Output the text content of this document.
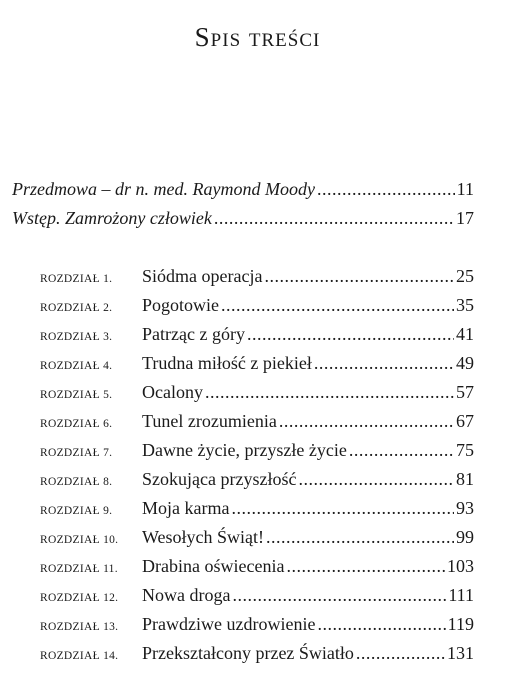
Spis treści
Przedmowa – dr n. med. Raymond Moody .....	11
Wstęp. Zamrożony człowiek .....	17
ROZDZIAŁ 1.	Siódma operacja .....	25
ROZDZIAŁ 2.	Pogotowie .....	35
ROZDZIAŁ 3.	Patrząc z góry .....	41
ROZDZIAŁ 4.	Trudna miłość z piekieł .....	49
ROZDZIAŁ 5.	Ocalony .....	57
ROZDZIAŁ 6.	Tunel zrozumienia .....	67
ROZDZIAŁ 7.	Dawne życie, przyszłe życie .....	75
ROZDZIAŁ 8.	Szokująca przyszłość .....	81
ROZDZIAŁ 9.	Moja karma .....	93
ROZDZIAŁ 10.	Wesołych Świąt! .....	99
ROZDZIAŁ 11.	Drabina oświecenia .....	103
ROZDZIAŁ 12.	Nowa droga .....	111
ROZDZIAŁ 13.	Prawdziwe uzdrowienie .....	119
ROZDZIAŁ 14.	Przekształcony przez Światło .....	131
